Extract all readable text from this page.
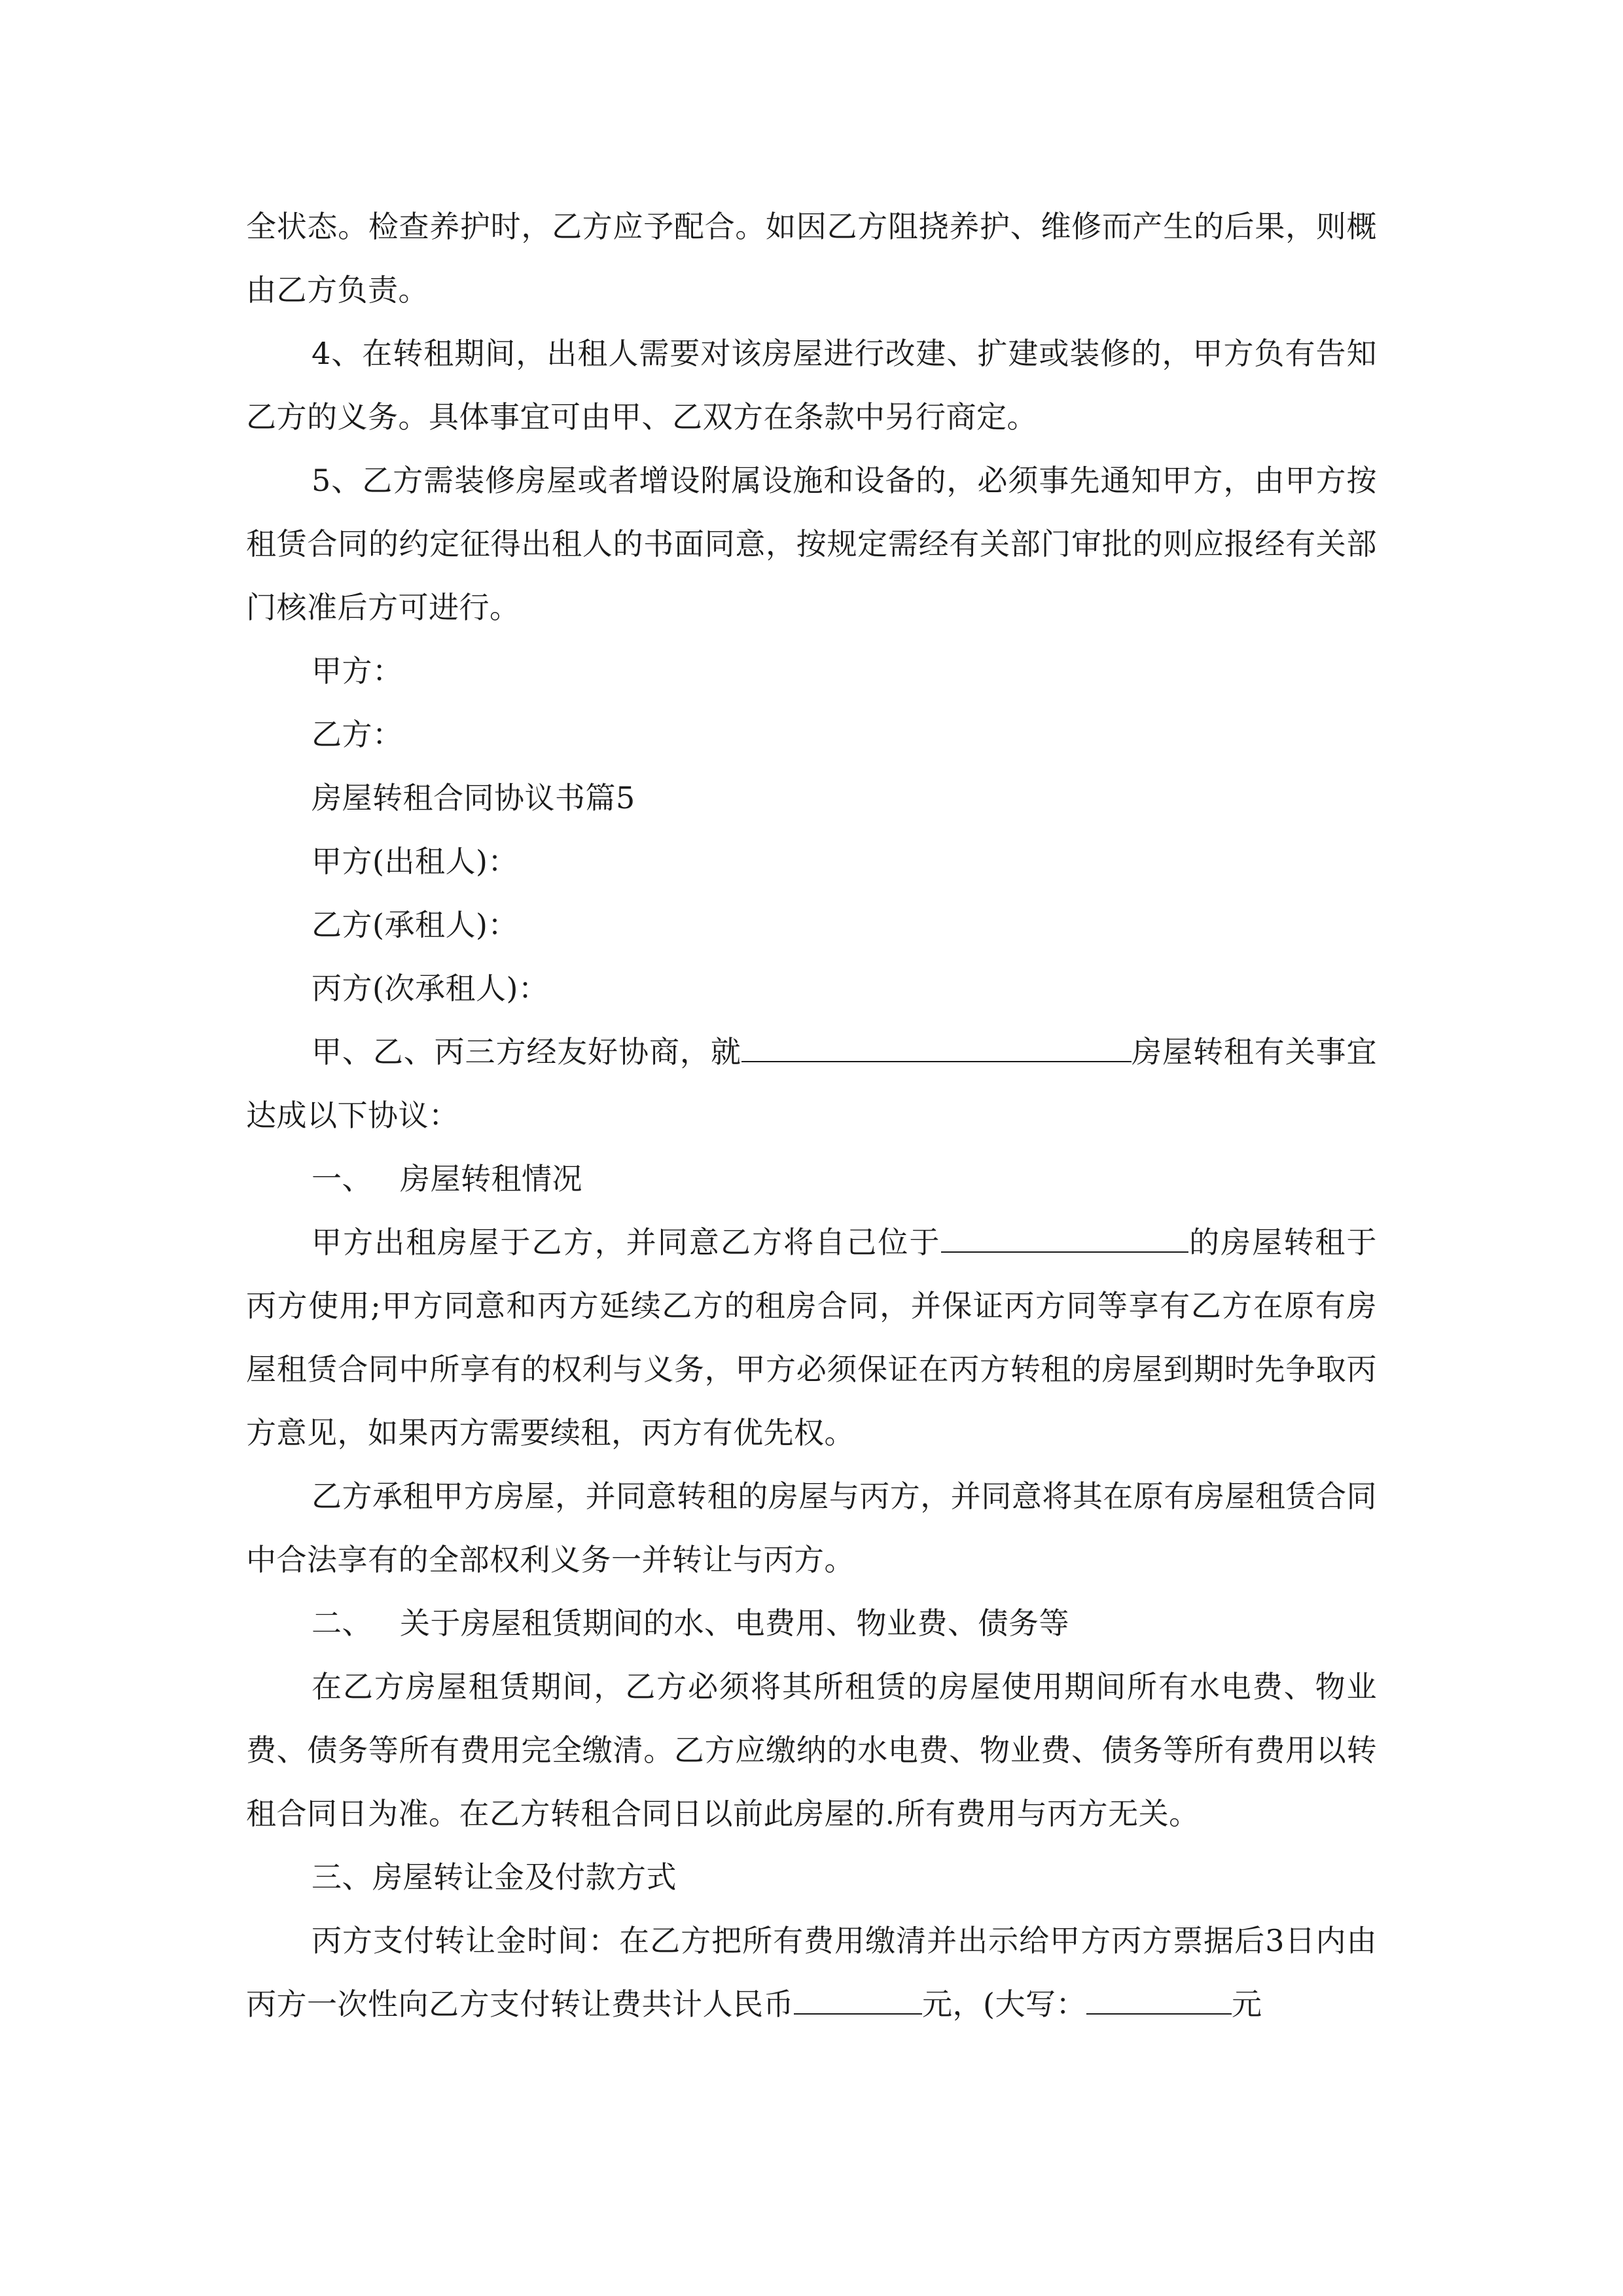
全状态。检查养护时，乙方应予配合。如因乙方阻挠养护、维修而产生的后果，则概由乙方负责。

4、在转租期间，出租人需要对该房屋进行改建、扩建或装修的，甲方负有告知乙方的义务。具体事宜可由甲、乙双方在条款中另行商定。

5、乙方需装修房屋或者增设附属设施和设备的，必须事先通知甲方，由甲方按租赁合同的约定征得出租人的书面同意，按规定需经有关部门审批的则应报经有关部门核准后方可进行。

甲方：

乙方：

房屋转租合同协议书篇5

甲方(出租人)：

乙方(承租人)：

丙方(次承租人)：

甲、乙、丙三方经友好协商，就	房屋转租有关事宜达成以下协议：

一、 房屋转租情况

甲方出租房屋于乙方，并同意乙方将自己位于	的房屋转租于丙方使用;甲方同意和丙方延续乙方的租房合同，并保证丙方同等享有乙方在原有房屋租赁合同中所享有的权利与义务，甲方必须保证在丙方转租的房屋到期时先争取丙方意见，如果丙方需要续租，丙方有优先权。

乙方承租甲方房屋，并同意转租的房屋与丙方，并同意将其在原有房屋租赁合同中合法享有的全部权利义务一并转让与丙方。

二、 关于房屋租赁期间的水、电费用、物业费、债务等

在乙方房屋租赁期间，乙方必须将其所租赁的房屋使用期间所有水电费、物业费、债务等所有费用完全缴清。乙方应缴纳的水电费、物业费、债务等所有费用以转租合同日为准。在乙方转租合同日以前此房屋的.所有费用与丙方无关。

三、房屋转让金及付款方式

丙方支付转让金时间：在乙方把所有费用缴清并出示给甲方丙方票据后3日内由丙方一次性向乙方支付转让费共计人民币	元，(大写：	元
